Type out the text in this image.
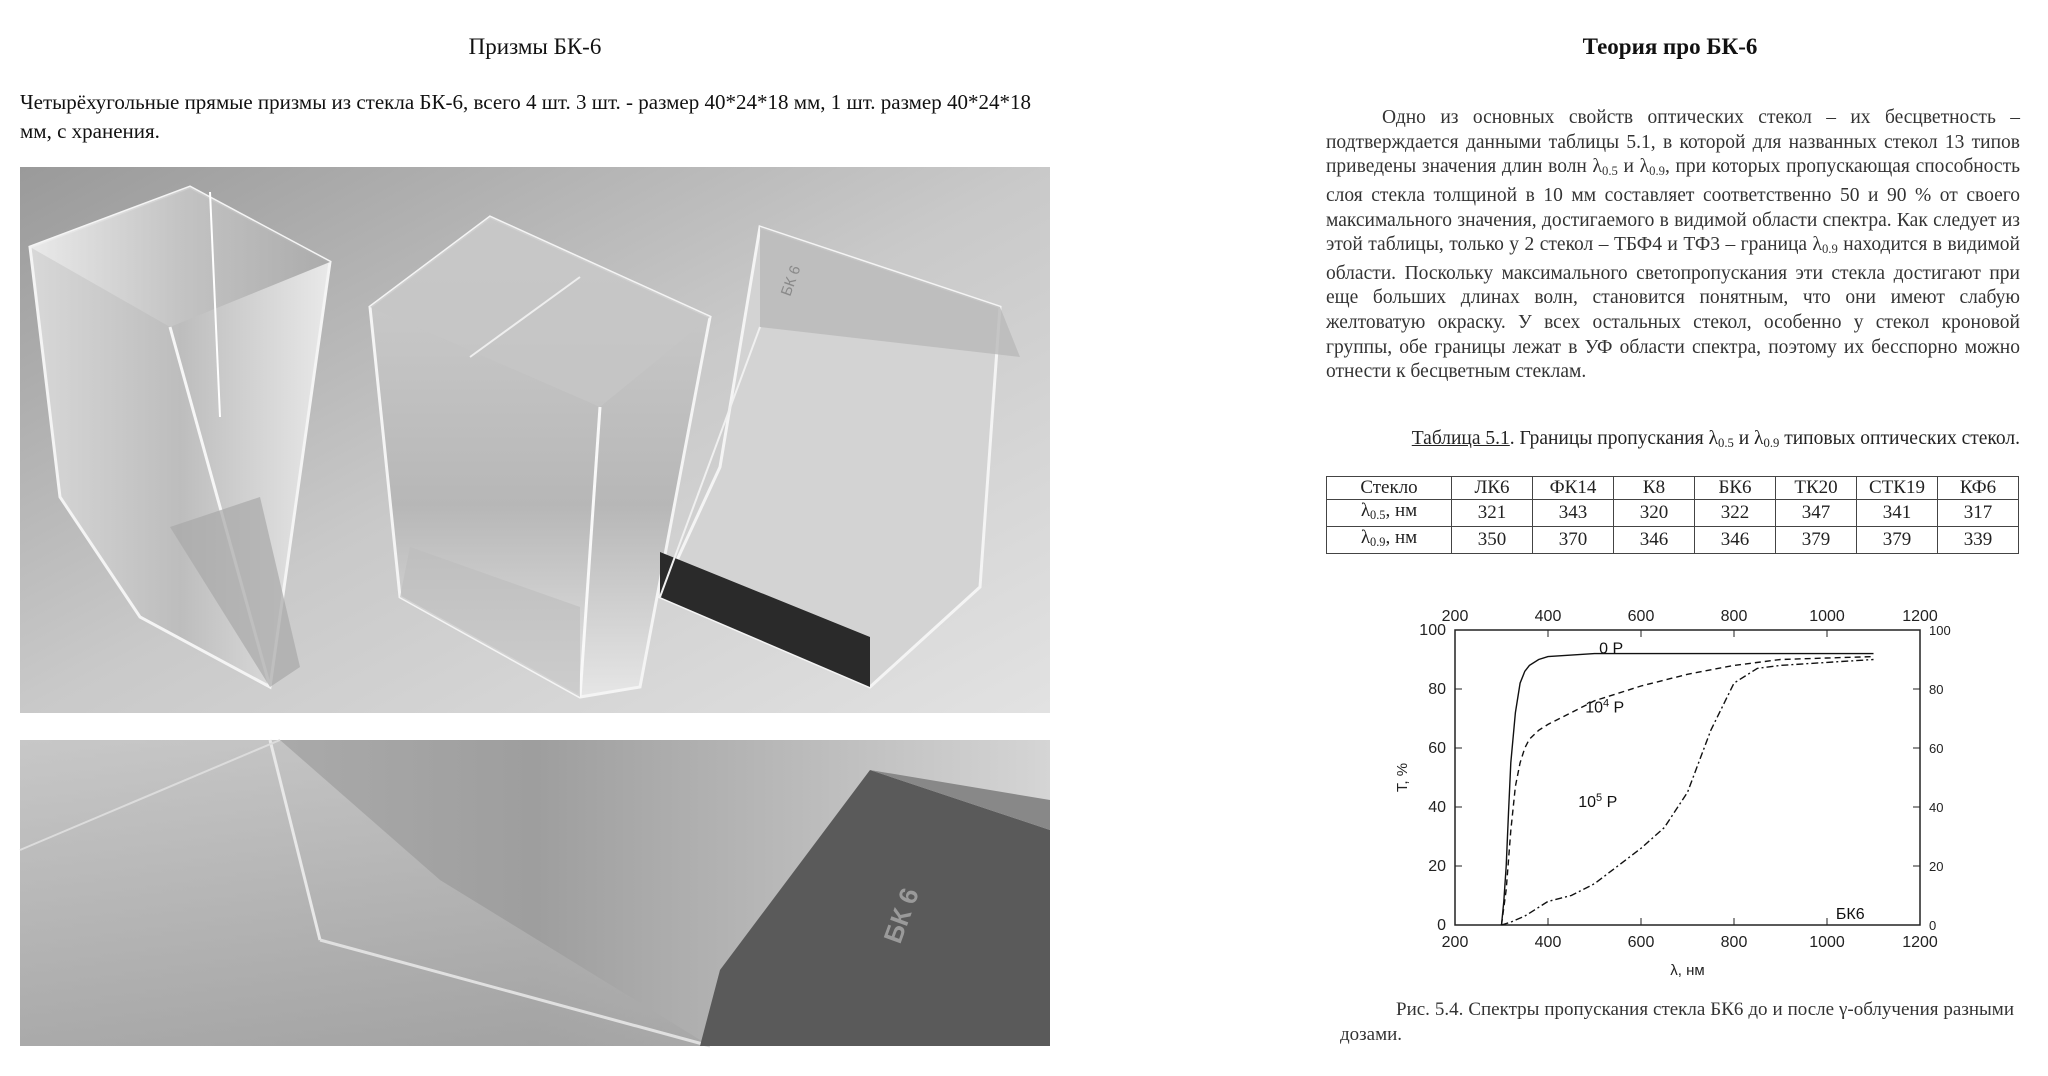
Призмы БК-6
Четырёхугольные прямые призмы из стекла БК-6, всего 4 шт. 3 шт. - размер 40*24*18 мм, 1 шт. размер 40*24*18 мм, с хранения.
БК 6
БК 6
Теория про БК-6
Одно из основных свойств оптических стекол – их бесцветность – подтверждается данными таблицы 5.1, в которой для названных стекол 13 типов приведены значения длин волн $\lambda_{0.5}$ и $\lambda_{0.9}$, при которых пропускающая способность слоя стекла толщиной в 10 мм составляет соответственно 50 и 90 % от своего максимального значения, достигаемого в видимой области спектра. Как следует из этой таблицы, только у 2 стекол – ТБФ4 и ТФ3 – граница $\lambda_{0.9}$ находится в видимой области. Поскольку максимального светопропускания эти стекла достигают при еще больших длинах волн, становится понятным, что они имеют слабую желтоватую окраску. У всех остальных стекол, особенно у стекол кроновой группы, обе границы лежат в УФ области спектра, поэтому их бесспорно можно отнести к бесцветным стеклам.
Таблица 5.1. Границы пропускания $\lambda_{0.5}$ и $\lambda_{0.9}$ типовых оптических стекол.
Стекло	ЛК6	ФК14	К8	БК6	ТК20	СТК19	КФ6
$\lambda_{0.5}$, нм	321	343	320	322	347	341	317
$\lambda_{0.9}$, нм	350	370	346	346	379	379	339
200
200
400
400
600
600
800
800
1000
1000
1200
1200
0	0
20	20
40	40
60	60
80	80
100	100
λ, нм
T, %
0 Р
$10^4$ Р
$10^5$ Р
БК6
Рис. 5.4. Спектры пропускания стекла БК6 до и после γ-облучения разными дозами.
